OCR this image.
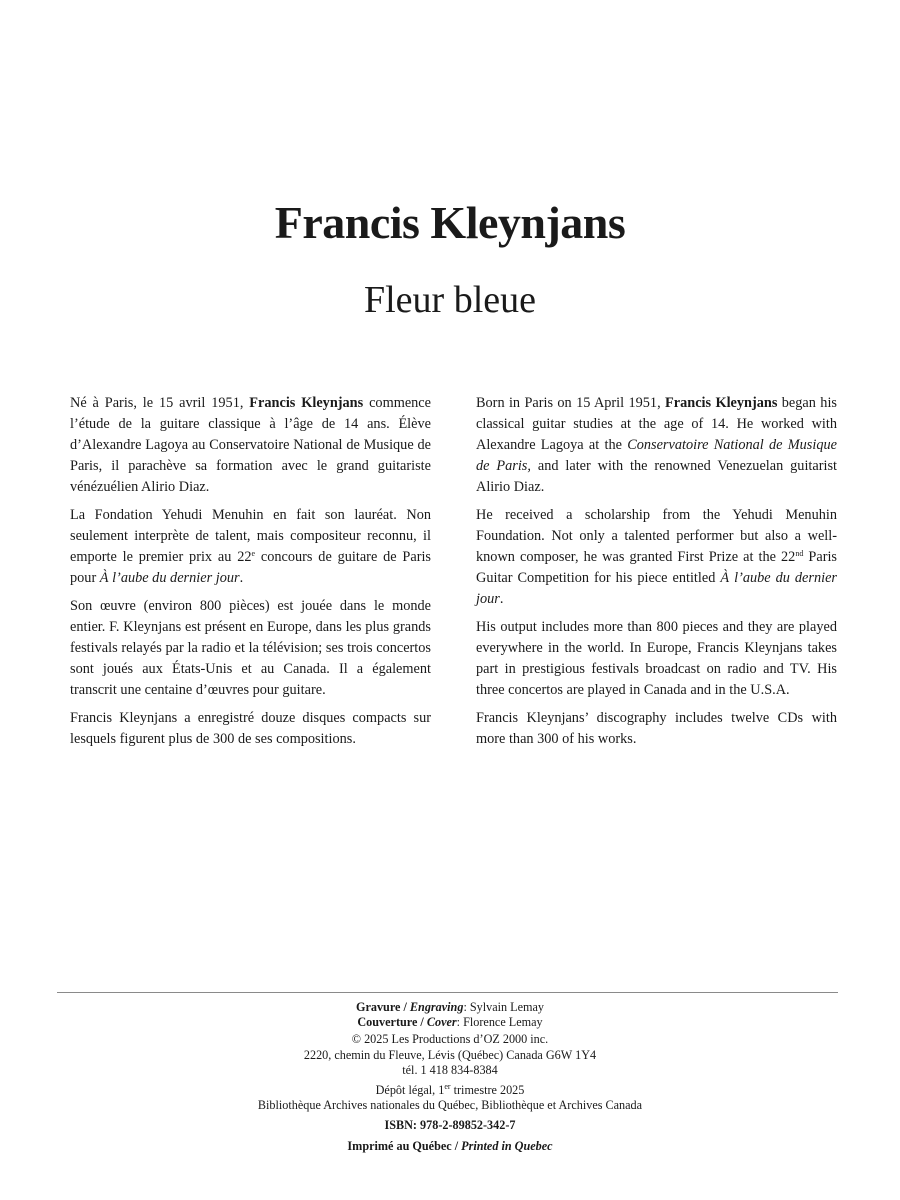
Francis Kleynjans
Fleur bleue

Né à Paris, le 15 avril 1951, Francis Kleynjans commence l’étude de la guitare classique à l’âge de 14 ans. Élève d’Alexandre Lagoya au Conservatoire National de Musique de Paris, il parachève sa formation avec le grand guitariste vénézuélien Alirio Diaz.

La Fondation Yehudi Menuhin en fait son lauréat. Non seulement interprète de talent, mais compositeur reconnu, il emporte le premier prix au 22e concours de guitare de Paris pour À l’aube du dernier jour.

Son œuvre (environ 800 pièces) est jouée dans le monde entier. F. Kleynjans est présent en Europe, dans les plus grands festivals relayés par la radio et la télévision; ses trois concertos sont joués aux États-Unis et au Canada. Il a également transcrit une centaine d’œuvres pour guitare.

Francis Kleynjans a enregistré douze disques compacts sur lesquels figurent plus de 300 de ses compositions.

Born in Paris on 15 April 1951, Francis Kleynjans began his classical guitar studies at the age of 14. He worked with Alexandre Lagoya at the Conservatoire National de Musique de Paris, and later with the renowned Venezuelan guitarist Alirio Diaz.

He received a scholarship from the Yehudi Menuhin Foundation. Not only a talented performer but also a well-known composer, he was granted First Prize at the 22nd Paris Guitar Competition for his piece entitled À l’aube du dernier jour.

His output includes more than 800 pieces and they are played everywhere in the world. In Europe, Francis Kleynjans takes part in prestigious festivals broadcast on radio and TV. His three concertos are played in Canada and in the U.S.A.

Francis Kleynjans’ discography includes twelve CDs with more than 300 of his works.

Gravure / Engraving: Sylvain Lemay
Couverture / Cover: Florence Lemay
© 2025 Les Productions d’OZ 2000 inc.
2220, chemin du Fleuve, Lévis (Québec) Canada G6W 1Y4
tél. 1 418 834-8384
Dépôt légal, 1er trimestre 2025
Bibliothèque Archives nationales du Québec, Bibliothèque et Archives Canada
ISBN: 978-2-89852-342-7
Imprimé au Québec / Printed in Quebec
